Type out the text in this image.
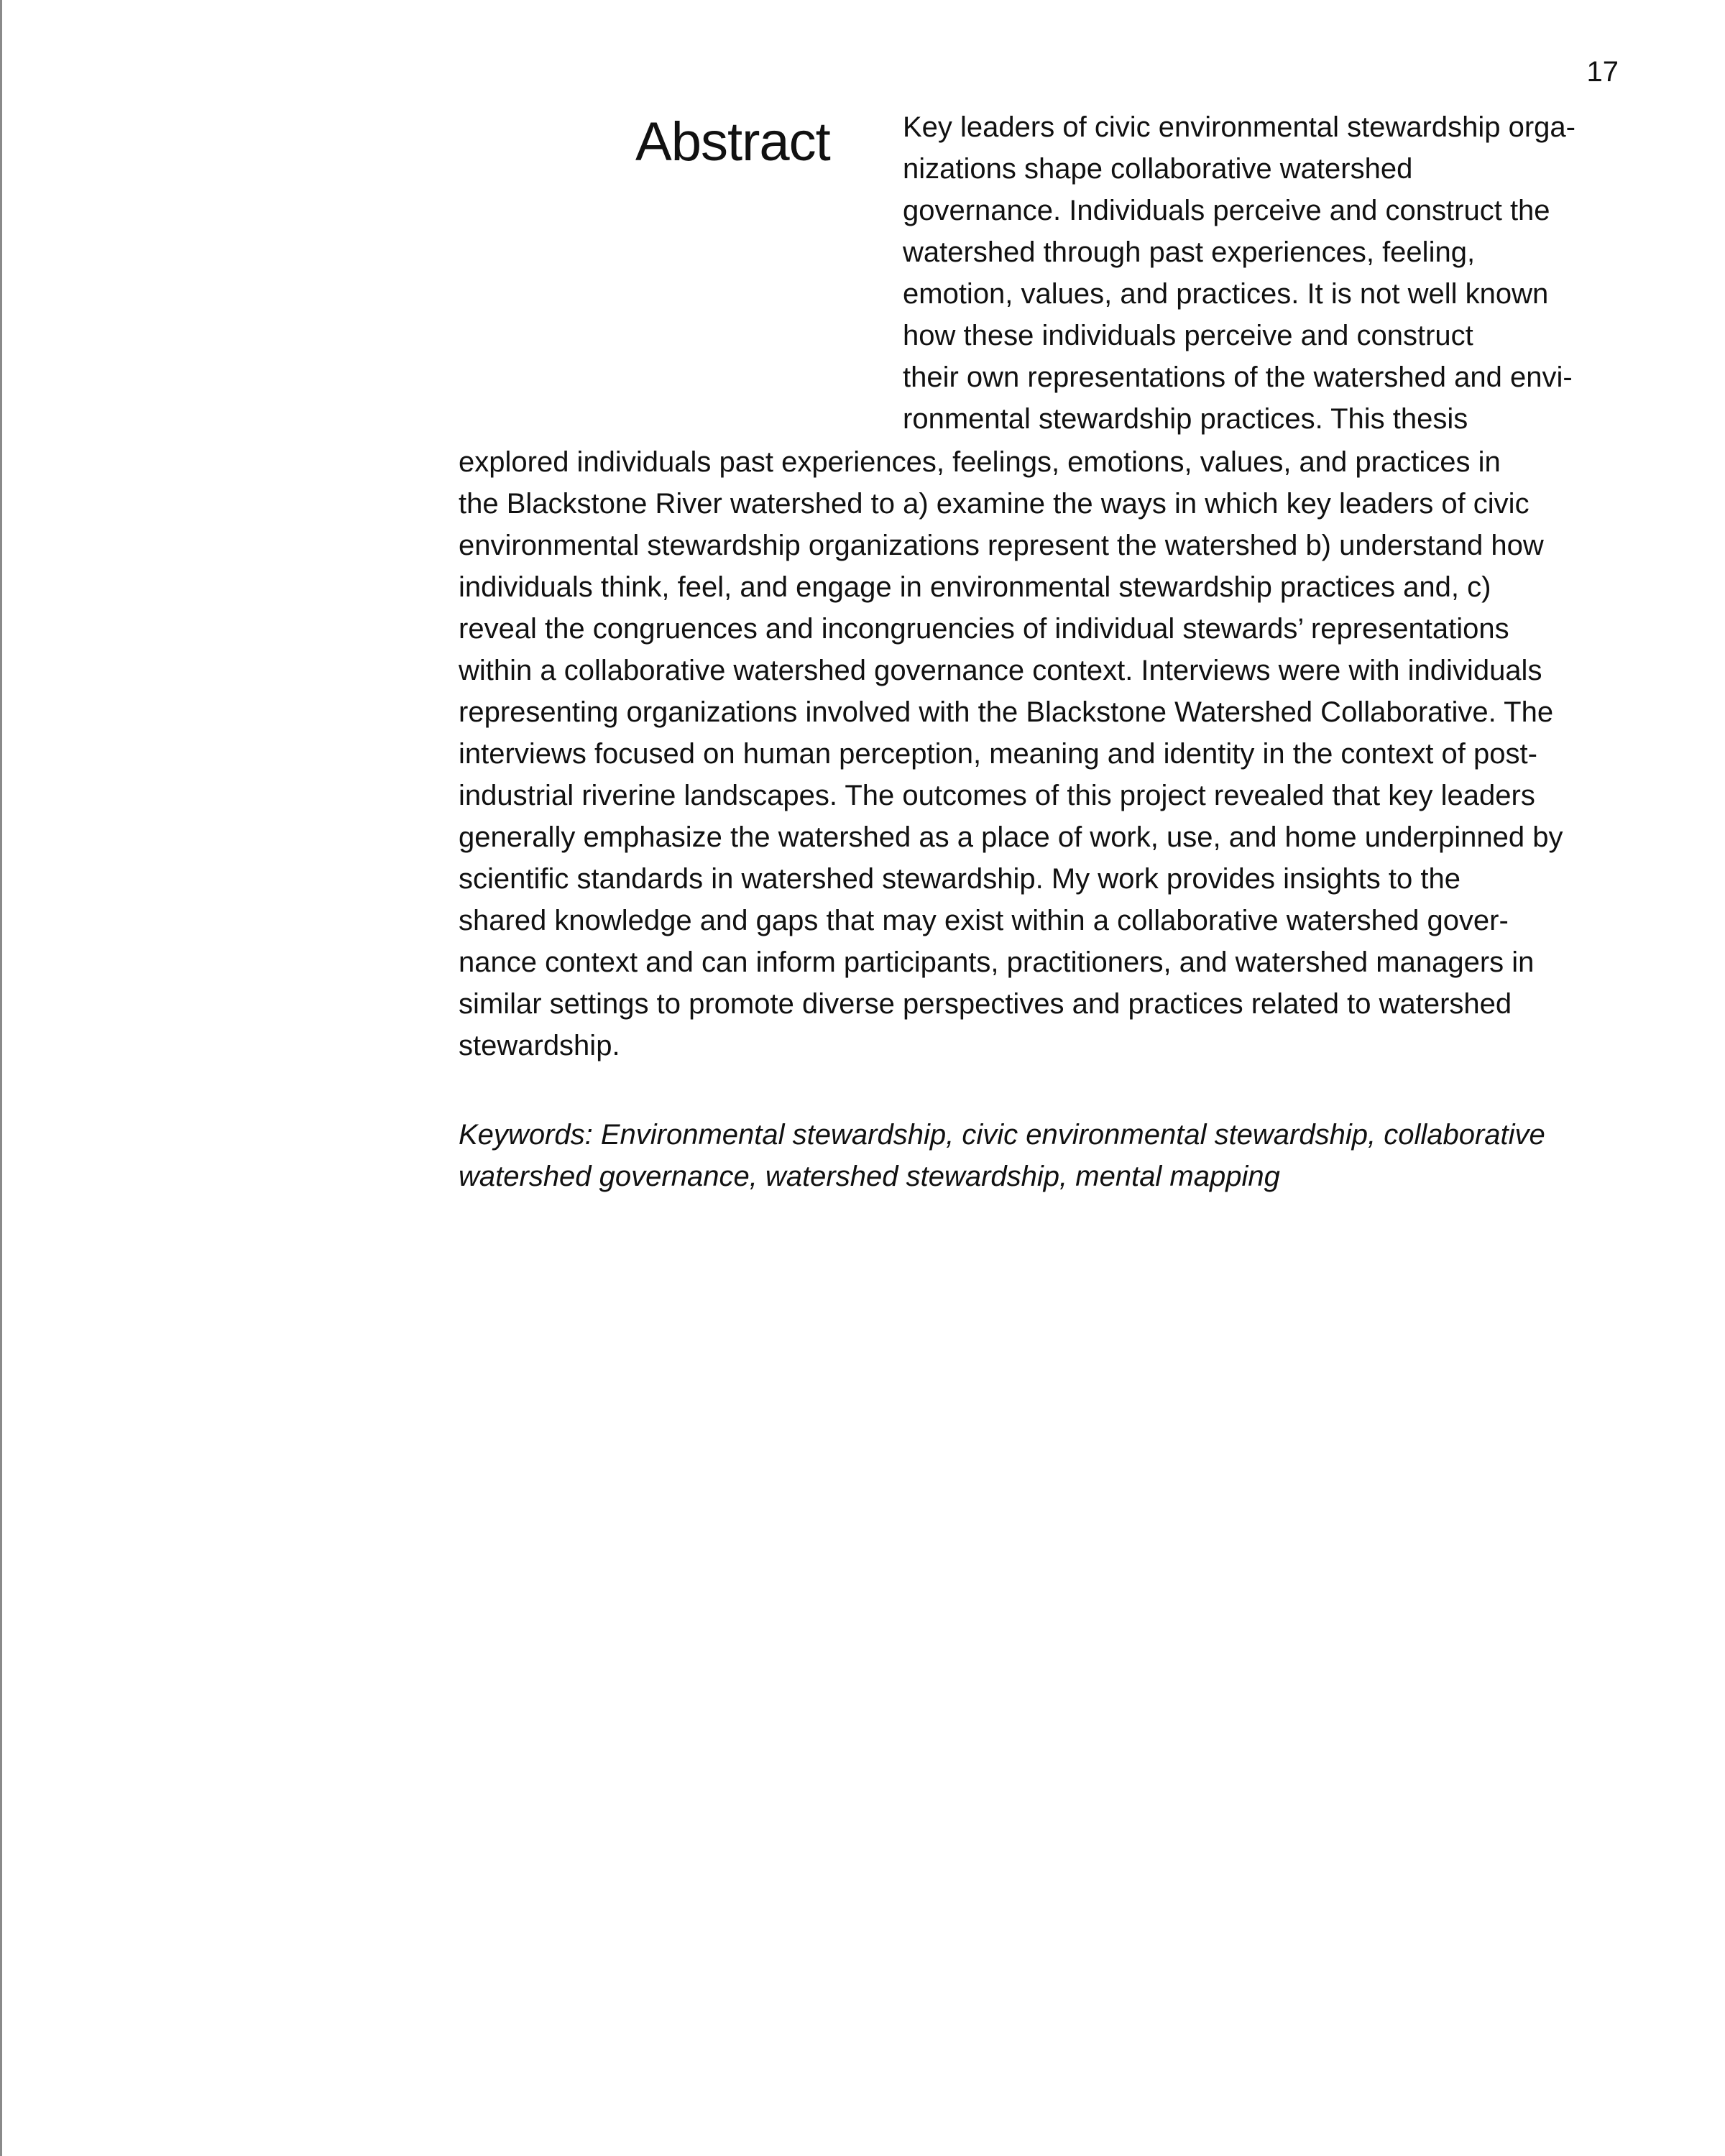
17
Abstract	Key leaders of civic environmental stewardship orga-

nizations shape collaborative watershed

governance. Individuals perceive and construct the

watershed through past experiences, feeling,

emotion, values, and practices. It is not well known

how these individuals perceive and construct

their own representations of the watershed and envi-

ronmental stewardship practices. This thesis

explored individuals past experiences, feelings, emotions, values, and practices in

the Blackstone River watershed to a) examine the ways in which key leaders of civic

environmental stewardship organizations represent the watershed b) understand how

individuals think, feel, and engage in environmental stewardship practices and, c)

reveal the congruences and incongruencies of individual stewards’ representations

within a collaborative watershed governance context. Interviews were with individuals

representing organizations involved with the Blackstone Watershed Collaborative. The

interviews focused on human perception, meaning and identity in the context of post-

industrial riverine landscapes. The outcomes of this project revealed that key leaders

generally emphasize the watershed as a place of work, use, and home underpinned by

scientific standards in watershed stewardship. My work provides insights to the

shared knowledge and gaps that may exist within a collaborative watershed gover-

nance context and can inform participants, practitioners, and watershed managers in

similar settings to promote diverse perspectives and practices related to watershed

stewardship.

Keywords: Environmental stewardship, civic environmental stewardship, collaborative

watershed governance, watershed stewardship, mental mapping
